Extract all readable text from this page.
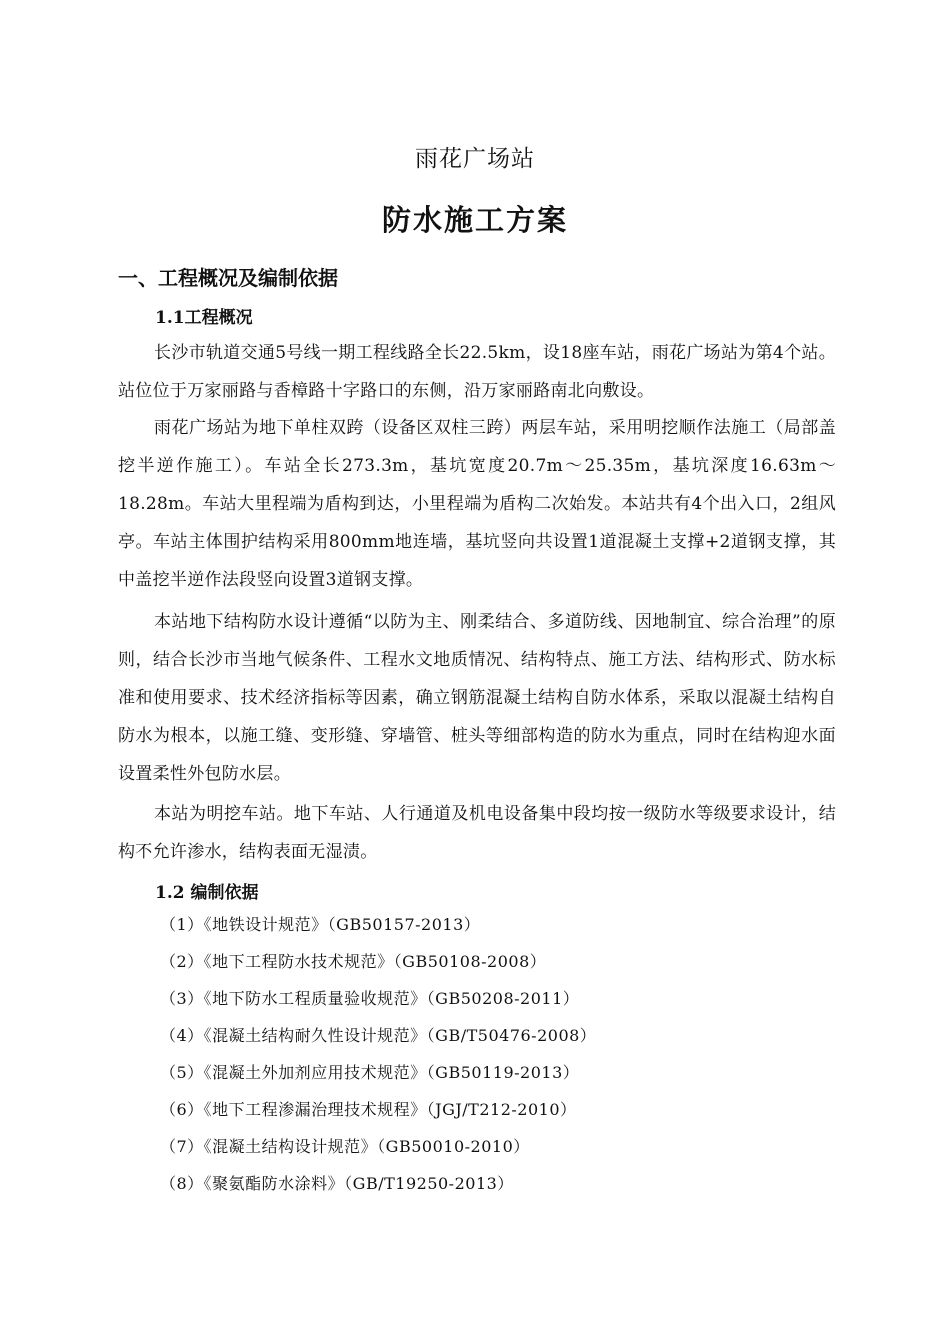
雨花广场站
防水施工方案
一、工程概况及编制依据
1.1工程概况

长沙市轨道交通5号线一期工程线路全长22.5km，设18座车站，雨花广场站为第4个站。站位位于万家丽路与香樟路十字路口的东侧，沿万家丽路南北向敷设。

雨花广场站为地下单柱双跨（设备区双柱三跨）两层车站，采用明挖顺作法施工（局部盖挖半逆作施工）。车站全长273.3m，基坑宽度20.7m～25.35m，基坑深度16.63m～18.28m。车站大里程端为盾构到达，小里程端为盾构二次始发。本站共有4个出入口，2组风亭。车站主体围护结构采用800mm地连墙，基坑竖向共设置1道混凝土支撑+2道钢支撑，其中盖挖半逆作法段竖向设置3道钢支撑。

本站地下结构防水设计遵循“以防为主、刚柔结合、多道防线、因地制宜、综合治理”的原则，结合长沙市当地气候条件、工程水文地质情况、结构特点、施工方法、结构形式、防水标准和使用要求、技术经济指标等因素，确立钢筋混凝土结构自防水体系，采取以混凝土结构自防水为根本，以施工缝、变形缝、穿墙管、桩头等细部构造的防水为重点，同时在结构迎水面设置柔性外包防水层。

本站为明挖车站。地下车站、人行通道及机电设备集中段均按一级防水等级要求设计，结构不允许渗水，结构表面无湿渍。

1.2 编制依据
（1）《地铁设计规范》（GB50157-2013）
（2）《地下工程防水技术规范》（GB50108-2008）
（3）《地下防水工程质量验收规范》（GB50208-2011）
（4）《混凝土结构耐久性设计规范》（GB/T50476-2008）
（5）《混凝土外加剂应用技术规范》（GB50119-2013）
（6）《地下工程渗漏治理技术规程》（JGJ/T212-2010）
（7）《混凝土结构设计规范》（GB50010-2010）
（8）《聚氨酯防水涂料》（GB/T19250-2013）
